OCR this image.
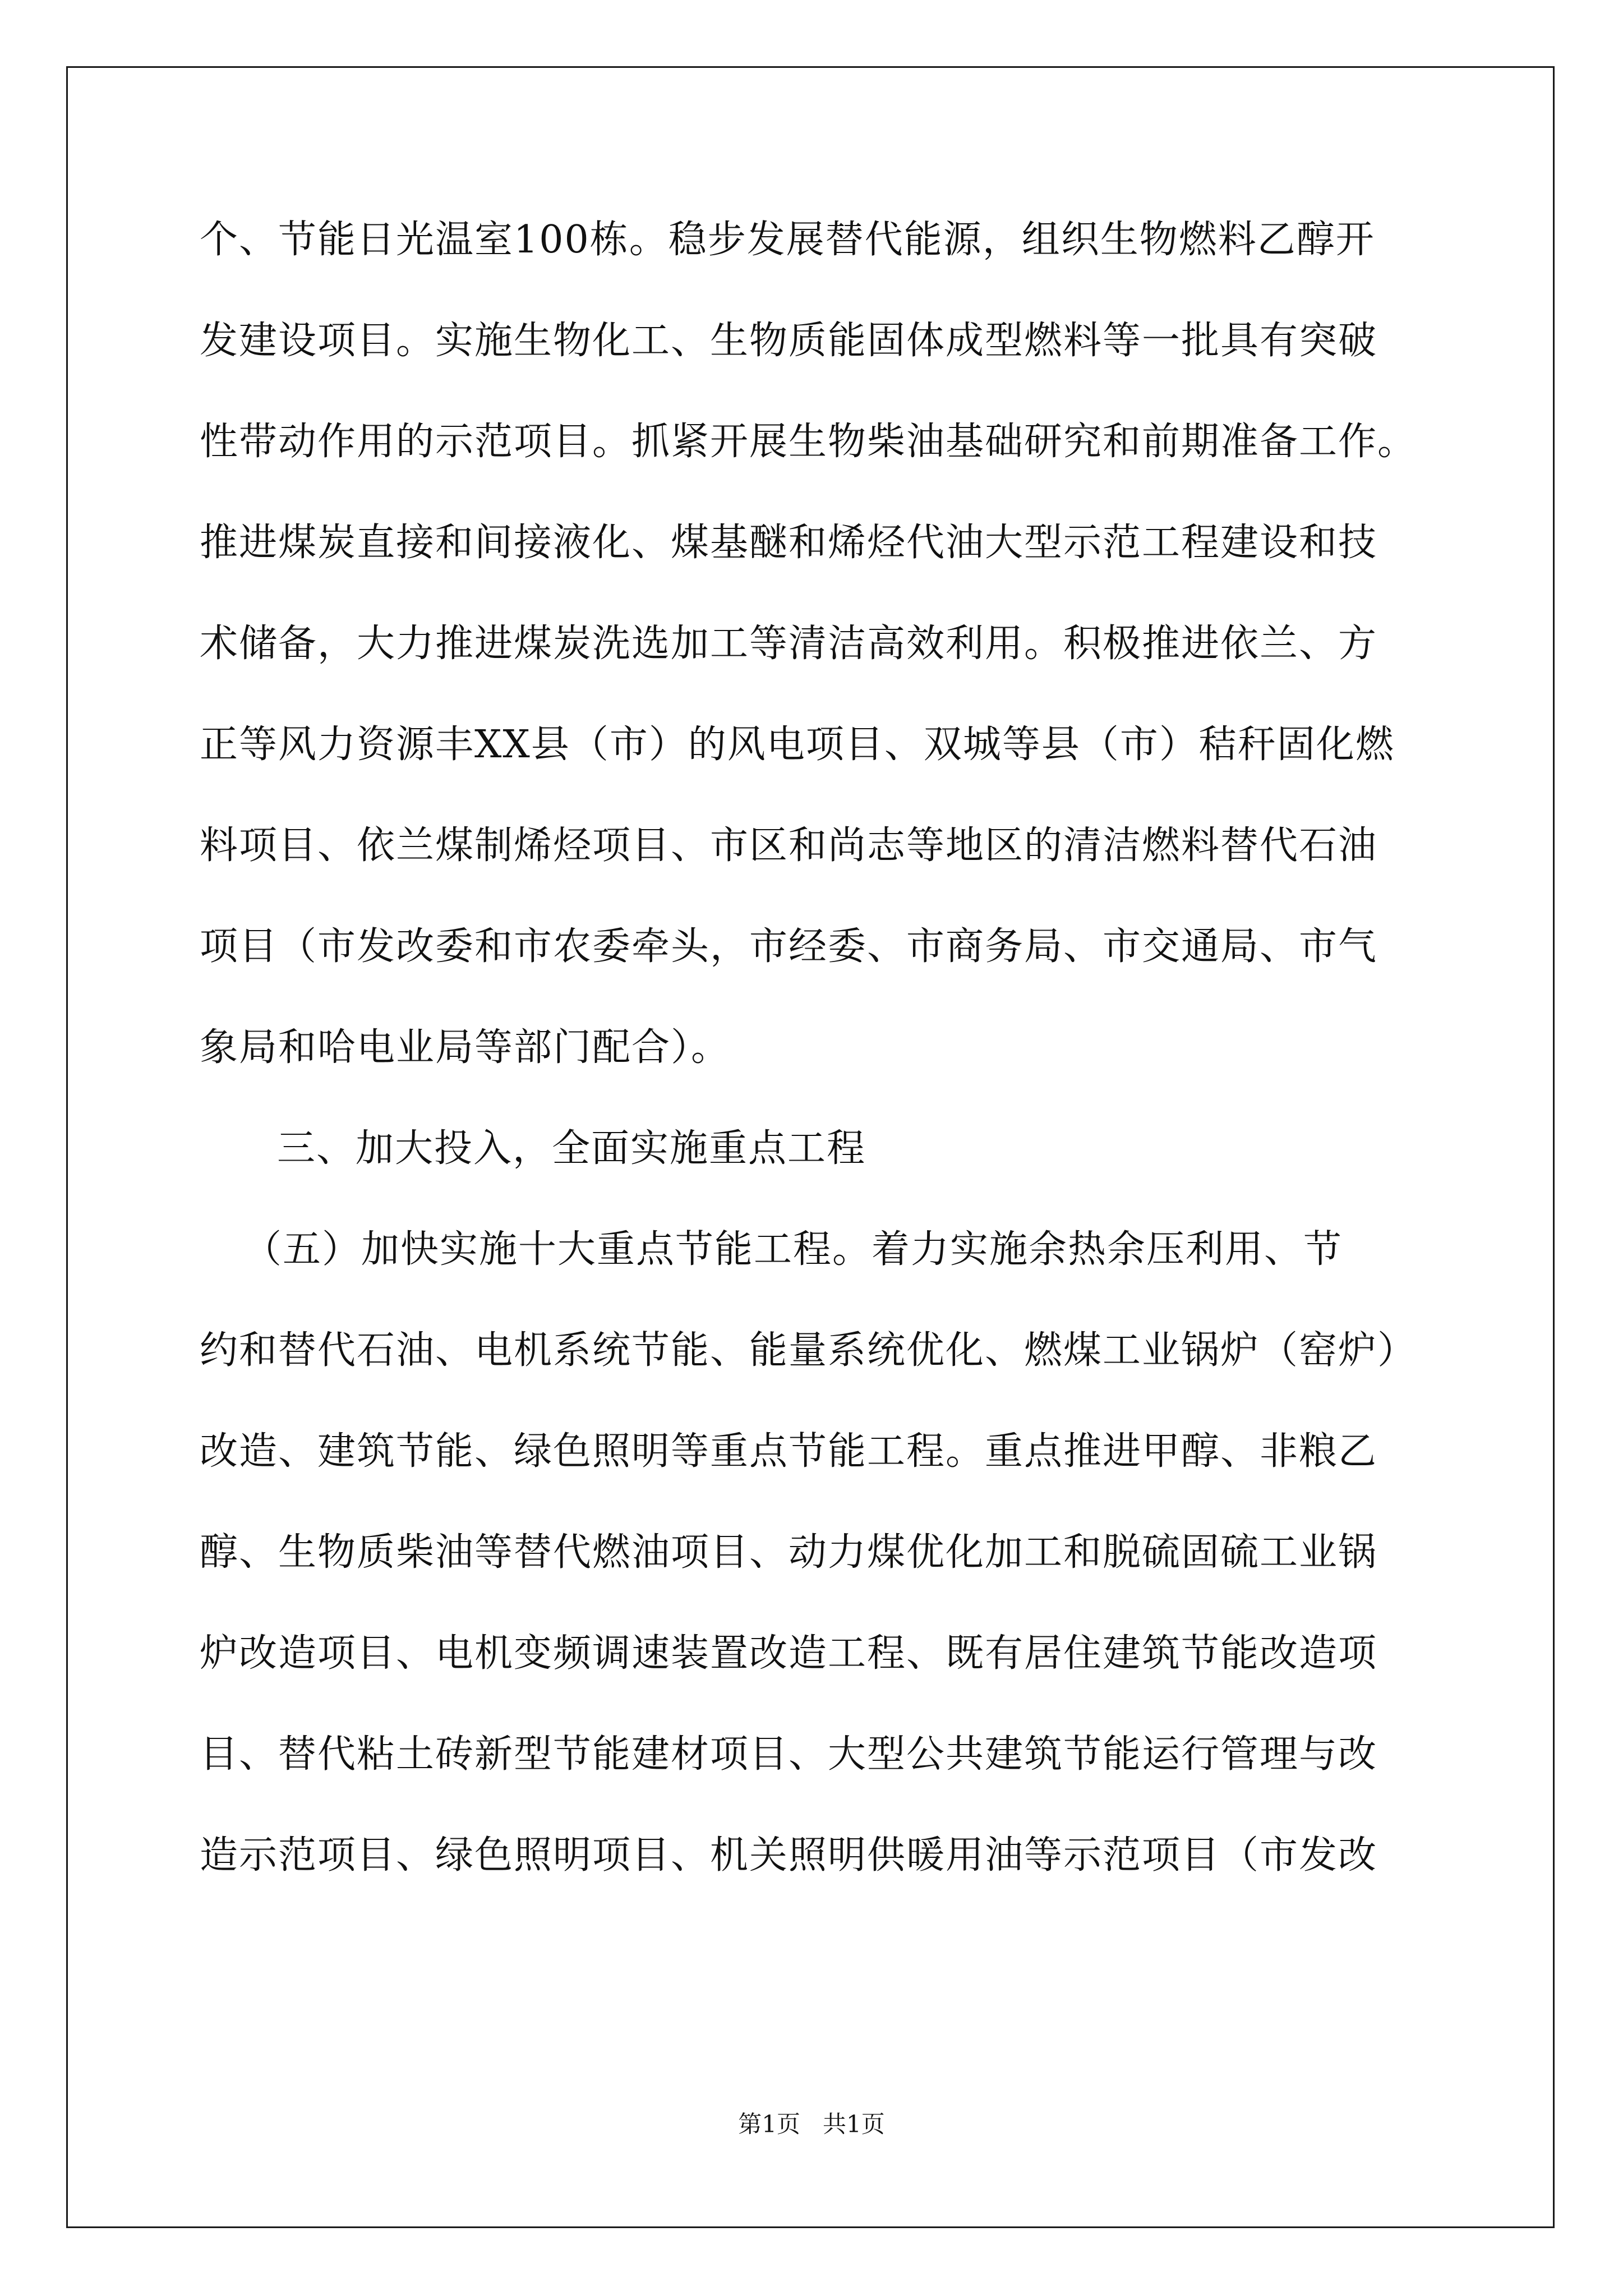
个、节能日光温室100栋。稳步发展替代能源，组织生物燃料乙醇开
发建设项目。实施生物化工、生物质能固体成型燃料等一批具有突破
性带动作用的示范项目。抓紧开展生物柴油基础研究和前期准备工作。
推进煤炭直接和间接液化、煤基醚和烯烃代油大型示范工程建设和技
术储备，大力推进煤炭洗选加工等清洁高效利用。积极推进依兰、方
正等风力资源丰XX县（市）的风电项目、双城等县（市）秸秆固化燃
料项目、依兰煤制烯烃项目、市区和尚志等地区的清洁燃料替代石油
项目（市发改委和市农委牵头，市经委、市商务局、市交通局、市气
象局和哈电业局等部门配合）。
三、加大投入，全面实施重点工程
（五）加快实施十大重点节能工程。着力实施余热余压利用、节
约和替代石油、电机系统节能、能量系统优化、燃煤工业锅炉（窑炉）
改造、建筑节能、绿色照明等重点节能工程。重点推进甲醇、非粮乙
醇、生物质柴油等替代燃油项目、动力煤优化加工和脱硫固硫工业锅
炉改造项目、电机变频调速装置改造工程、既有居住建筑节能改造项
目、替代粘土砖新型节能建材项目、大型公共建筑节能运行管理与改
造示范项目、绿色照明项目、机关照明供暖用油等示范项目（市发改
第1页   共1页
